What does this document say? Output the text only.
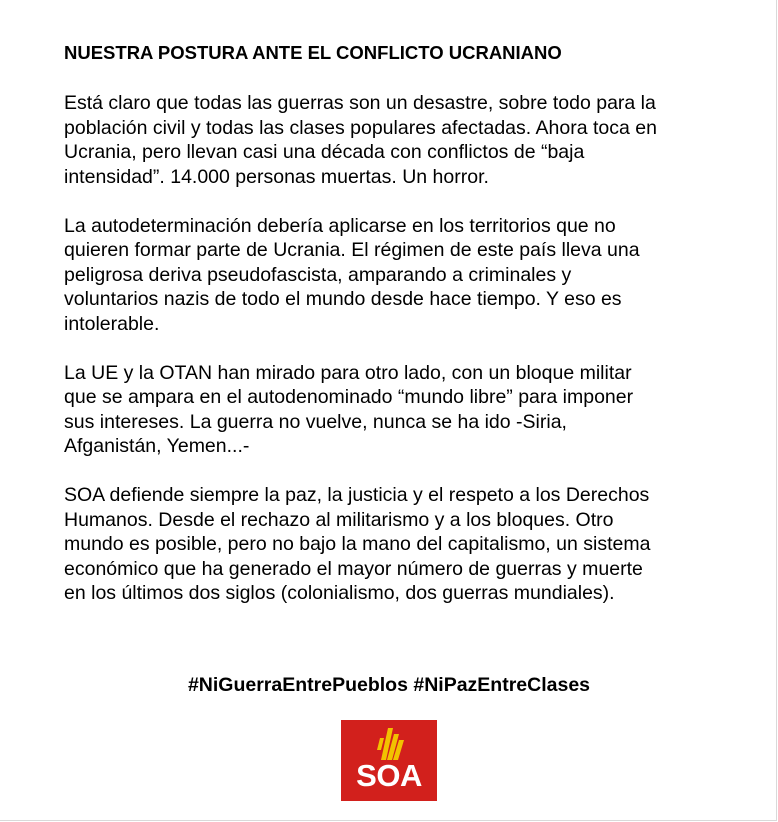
NUESTRA POSTURA ANTE EL CONFLICTO UCRANIANO
Está claro que todas las guerras son un desastre, sobre todo para la
población civil y todas las clases populares afectadas. Ahora toca en
Ucrania, pero llevan casi una década con conflictos de “baja
intensidad”. 14.000 personas muertas. Un horror.
La autodeterminación debería aplicarse en los territorios que no
quieren formar parte de Ucrania. El régimen de este país lleva una
peligrosa deriva pseudofascista, amparando a criminales y
voluntarios nazis de todo el mundo desde hace tiempo. Y eso es
intolerable.
La UE y la OTAN han mirado para otro lado, con un bloque militar
que se ampara en el autodenominado “mundo libre” para imponer
sus intereses. La guerra no vuelve, nunca se ha ido -Siria,
Afganistán, Yemen...-
SOA defiende siempre la paz, la justicia y el respeto a los Derechos
Humanos. Desde el rechazo al militarismo y a los bloques. Otro
mundo es posible, pero no bajo la mano del capitalismo, un sistema
económico que ha generado el mayor número de guerras y muerte
en los últimos dos siglos (colonialismo, dos guerras mundiales).
#NiGuerraEntrePueblos #NiPazEntreClases
SOA
